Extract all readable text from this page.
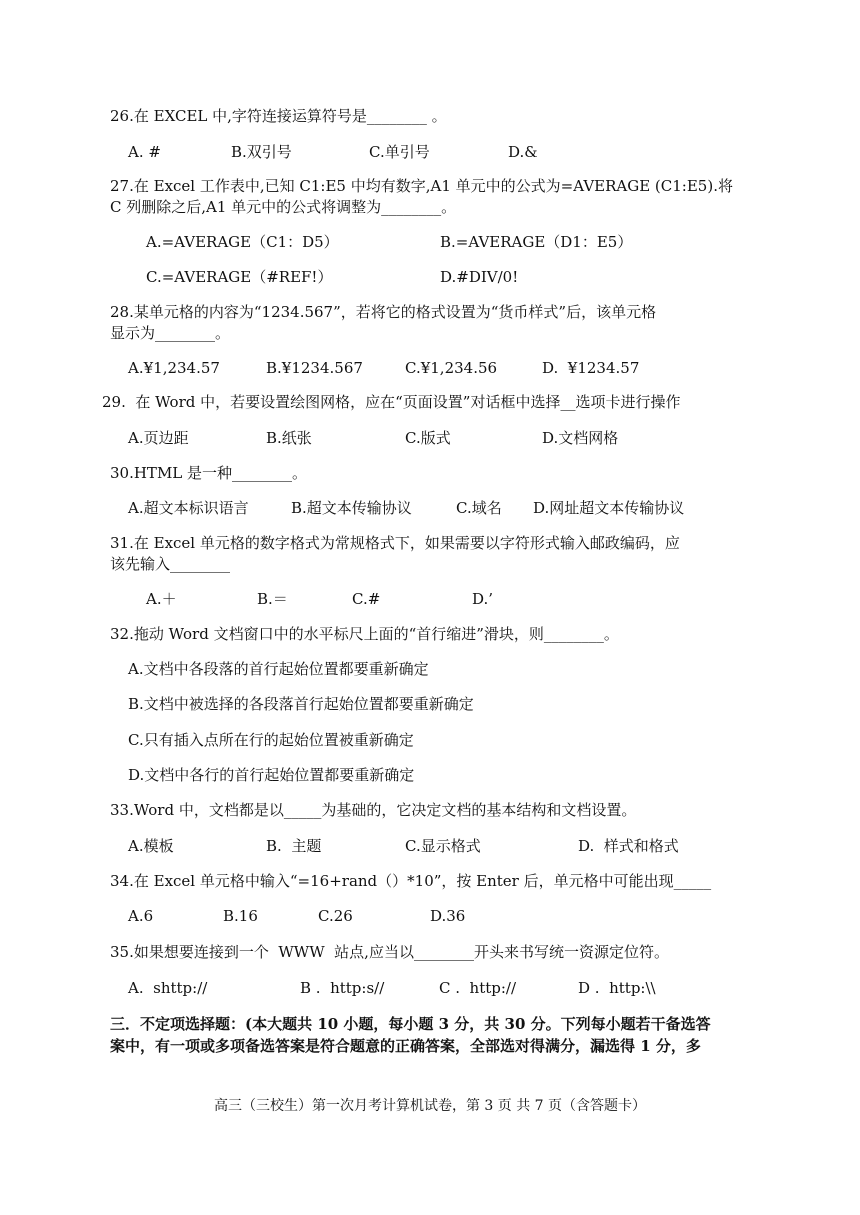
26.在 EXCEL 中,字符连接运算符号是________ 。
A. #	B.双引号	C.单引号	D.&
27.在 Excel 工作表中,已知 C1:E5 中均有数字,A1 单元中的公式为=AVERAGE (C1:E5).将
C 列删除之后,A1 单元中的公式将调整为________。
A.=AVERAGE（C1：D5）	B.=AVERAGE（D1：E5）
C.=AVERAGE（#REF!）	D.#DIV/0!
28.某单元格的内容为“1234.567”，若将它的格式设置为“货币样式”后，该单元格
显示为________。
A.¥1,234.57	B.¥1234.567	C.¥1,234.56	D.  ¥1234.57
29.  在 Word 中，若要设置绘图网格，应在“页面设置”对话框中选择__选项卡进行操作
A.页边距	B.纸张	C.版式	D.文档网格
30.HTML 是一种________。
A.超文本标识语言	B.超文本传输协议	C.域名 D.网址超文本传输协议
31.在 Excel 单元格的数字格式为常规格式下，如果需要以字符形式输入邮政编码，应
该先输入________
A.＋	B.＝	C.#	D.’
32.拖动 Word 文档窗口中的水平标尺上面的“首行缩进”滑块，则________。
A.文档中各段落的首行起始位置都要重新确定
B.文档中被选择的各段落首行起始位置都要重新确定
C.只有插入点所在行的起始位置被重新确定
D.文档中各行的首行起始位置都要重新确定
33.Word 中，文档都是以_____为基础的，它决定文档的基本结构和文档设置。
A.模板	B.  主题	C.显示格式	D.  样式和格式
34.在 Excel 单元格中输入“=16+rand（）*10”，按 Enter 后，单元格中可能出现_____
A.6	B.16	C.26	D.36
35.如果想要连接到一个  WWW  站点,应当以________开头来书写统一资源定位符。
A.  shttp://	B .  http:s//	C .  http://	D .  http:\\
三．不定项选择题：(本大题共 10 小题，每小题 3 分，共 30 分。下列每小题若干备选答
案中，有一项或多项备选答案是符合题意的正确答案，全部选对得满分，漏选得 1 分，多
高三（三校生）第一次月考计算机试卷，第 3 页 共 7 页（含答题卡）
